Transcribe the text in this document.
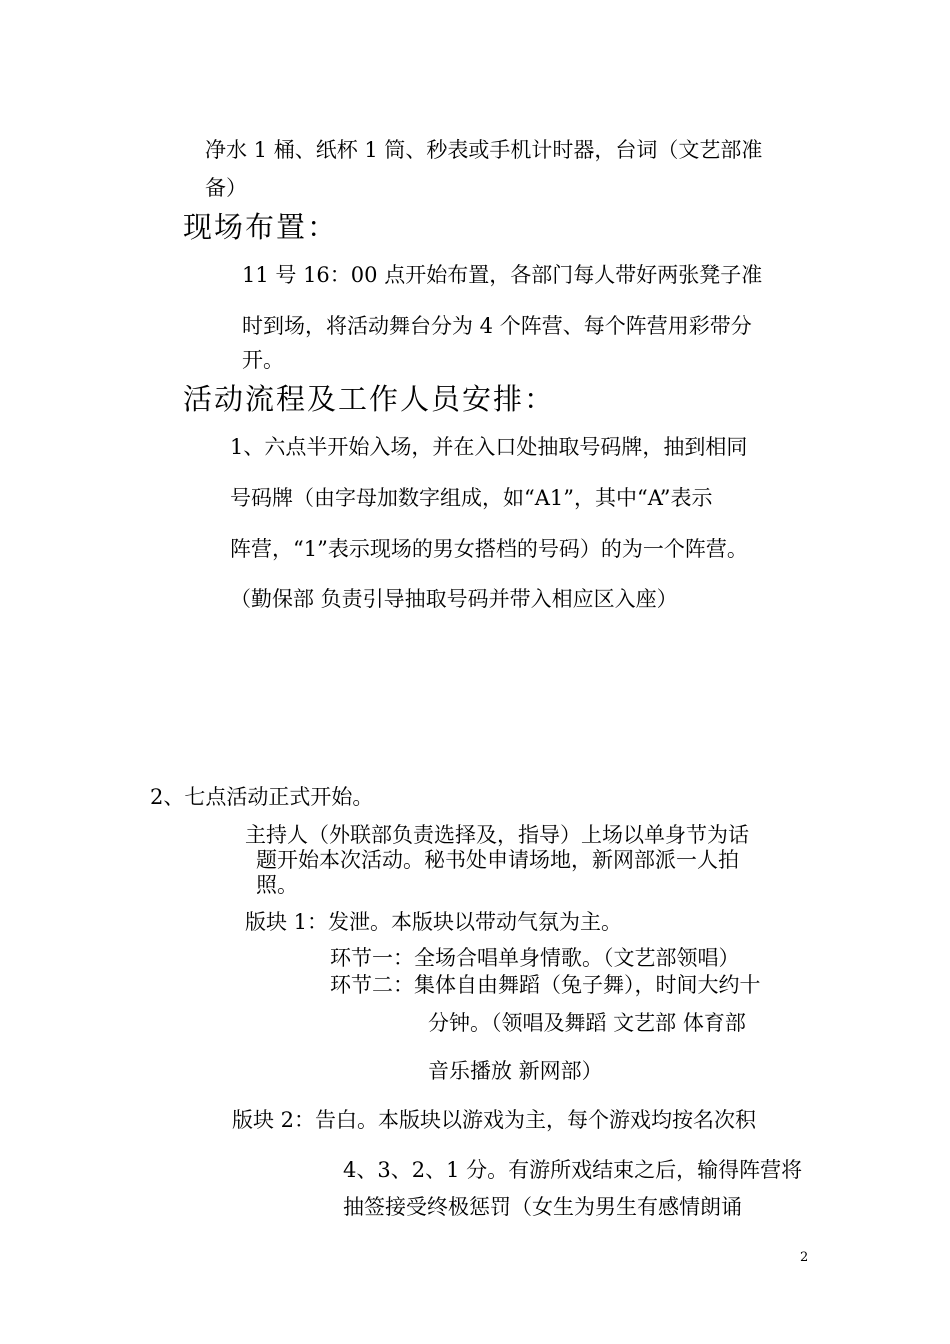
净水 1 桶、纸杯 1 筒、秒表或手机计时器，台词（文艺部准
备）
现场布置：
11 号 16：00 点开始布置，各部门每人带好两张凳子准
时到场，将活动舞台分为 4 个阵营、每个阵营用彩带分
开。
活动流程及工作人员安排：
1、六点半开始入场，并在入口处抽取号码牌，抽到相同
号码牌（由字母加数字组成，如“A1”，其中“A”表示
阵营，“1”表示现场的男女搭档的号码）的为一个阵营。
（勤保部 负责引导抽取号码并带入相应区入座）
2、七点活动正式开始。
主持人（外联部负责选择及，指导）上场以单身节为话
题开始本次活动。秘书处申请场地，新网部派一人拍
照。
版块 1：发泄。本版块以带动气氛为主。
环节一：全场合唱单身情歌。（文艺部领唱）
环节二：集体自由舞蹈（兔子舞），时间大约十
分钟。（领唱及舞蹈 文艺部 体育部
音乐播放 新网部）
版块 2：告白。本版块以游戏为主，每个游戏均按名次积
4、3、2、1 分。有游所戏结束之后，输得阵营将
抽签接受终极惩罚（女生为男生有感情朗诵
2
